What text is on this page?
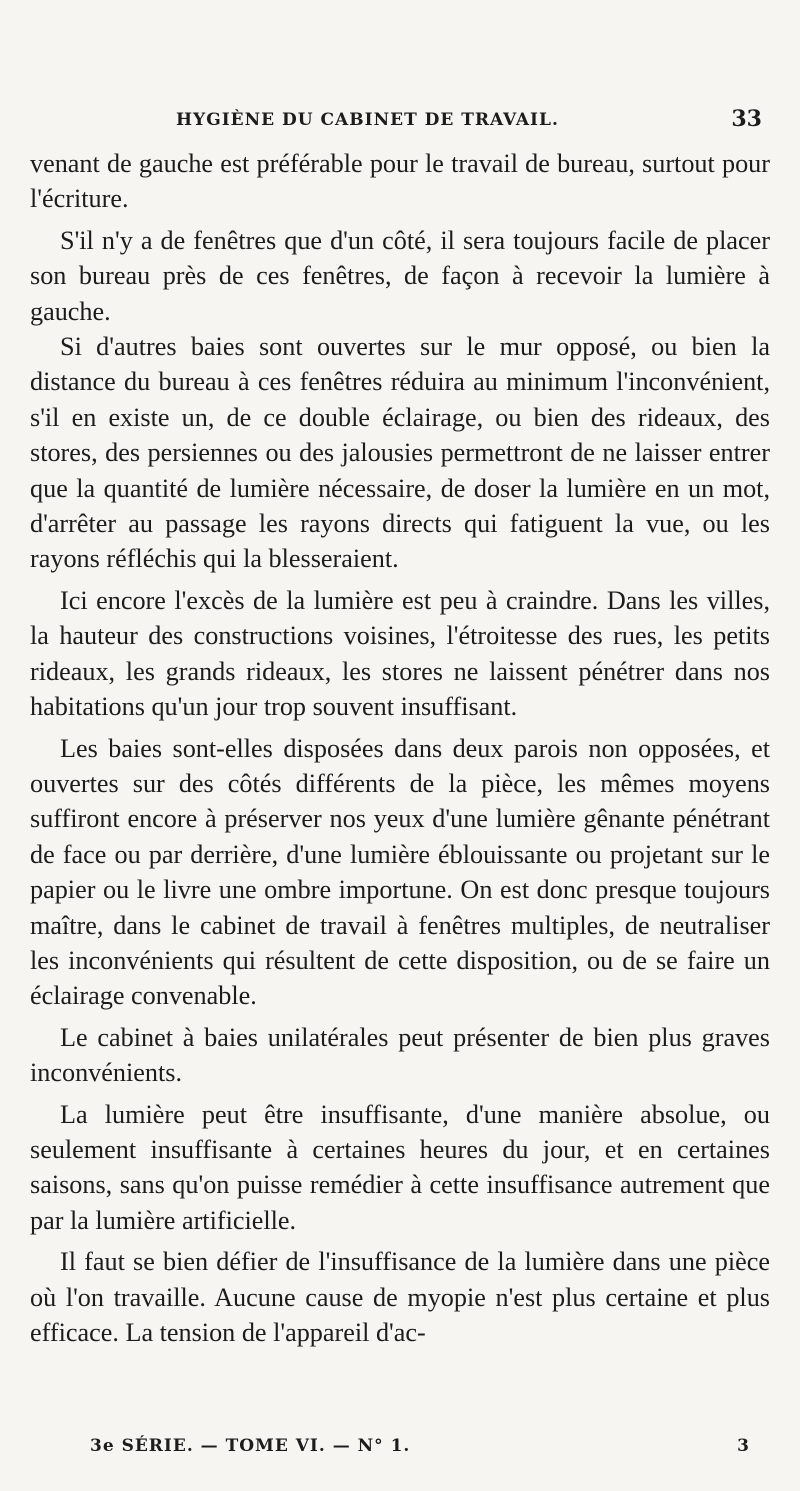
HYGIÈNE DU CABINET DE TRAVAIL.	33

venant de gauche est préférable pour le travail de bureau, surtout pour l'écriture.

S'il n'y a de fenêtres que d'un côté, il sera toujours facile de placer son bureau près de ces fenêtres, de façon à recevoir la lumière à gauche.

Si d'autres baies sont ouvertes sur le mur opposé, ou bien la distance du bureau à ces fenêtres réduira au minimum l'inconvénient, s'il en existe un, de ce double éclairage, ou bien des rideaux, des stores, des persiennes ou des jalousies permettront de ne laisser entrer que la quantité de lumière nécessaire, de doser la lumière en un mot, d'arrêter au passage les rayons directs qui fatiguent la vue, ou les rayons réfléchis qui la blesseraient.

Ici encore l'excès de la lumière est peu à craindre. Dans les villes, la hauteur des constructions voisines, l'étroitesse des rues, les petits rideaux, les grands rideaux, les stores ne laissent pénétrer dans nos habitations qu'un jour trop souvent insuffisant.

Les baies sont-elles disposées dans deux parois non opposées, et ouvertes sur des côtés différents de la pièce, les mêmes moyens suffiront encore à préserver nos yeux d'une lumière gênante pénétrant de face ou par derrière, d'une lumière éblouissante ou projetant sur le papier ou le livre une ombre importune. On est donc presque toujours maître, dans le cabinet de travail à fenêtres multiples, de neutraliser les inconvénients qui résultent de cette disposition, ou de se faire un éclairage convenable.

Le cabinet à baies unilatérales peut présenter de bien plus graves inconvénients.

La lumière peut être insuffisante, d'une manière absolue, ou seulement insuffisante à certaines heures du jour, et en certaines saisons, sans qu'on puisse remédier à cette insuffisance autrement que par la lumière artificielle.

Il faut se bien défier de l'insuffisance de la lumière dans une pièce où l'on travaille. Aucune cause de myopie n'est plus certaine et plus efficace. La tension de l'appareil d'ac-

3e SÉRIE. — TOME VI. — N° 1.	3
